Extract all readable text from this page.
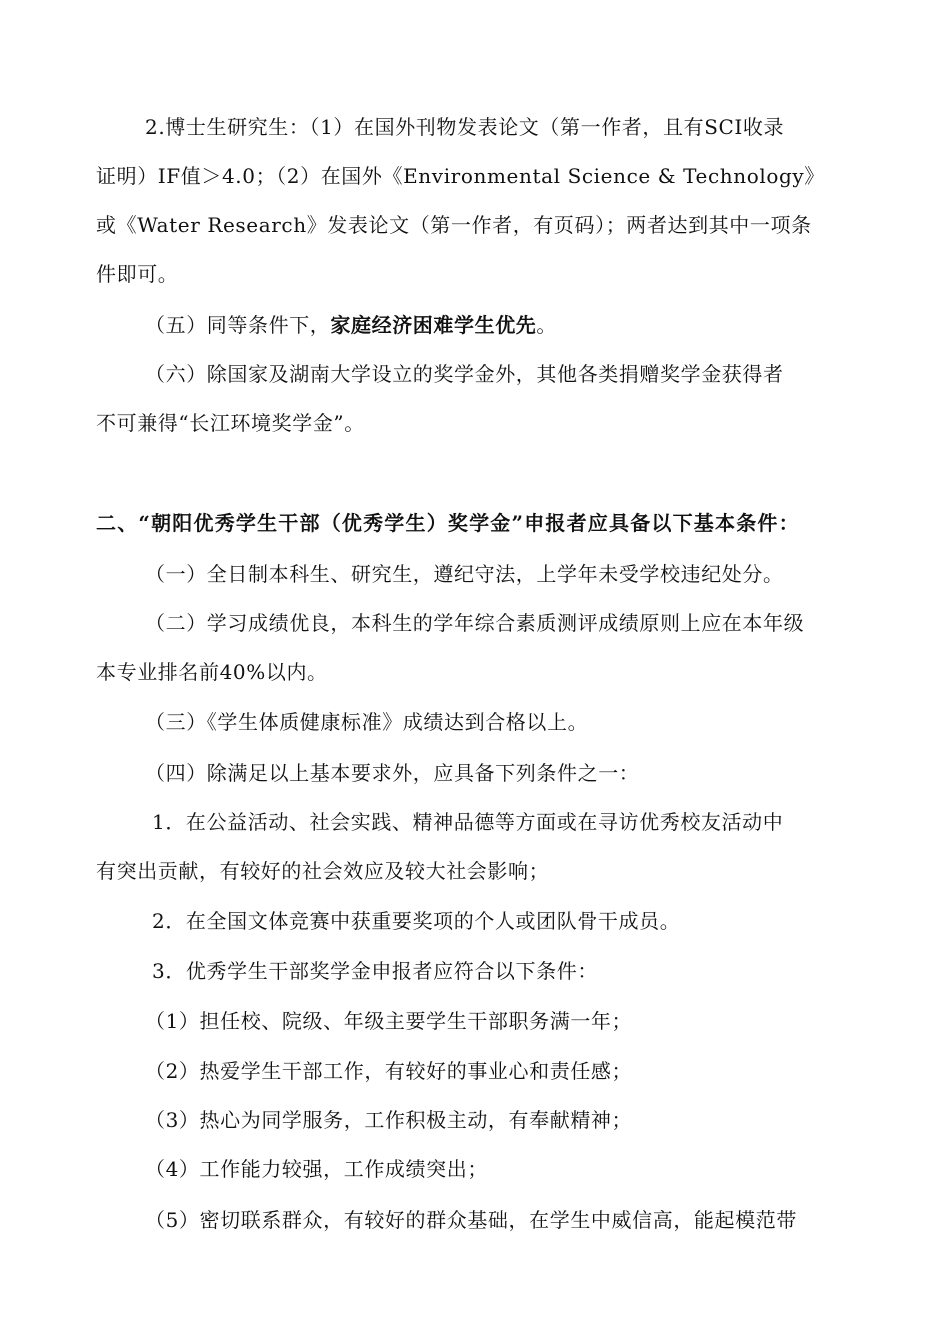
2.博士生研究生：（1）在国外刊物发表论文（第一作者，且有SCI收录
证明）IF值＞4.0；（2）在国外《Environmental Science & Technology》
或《Water Research》发表论文（第一作者，有页码）；两者达到其中一项条
件即可。
（五）同等条件下，家庭经济困难学生优先。
（六）除国家及湖南大学设立的奖学金外，其他各类捐赠奖学金获得者
不可兼得“长江环境奖学金”。
二、“朝阳优秀学生干部（优秀学生）奖学金”申报者应具备以下基本条件：
（一）全日制本科生、研究生，遵纪守法，上学年未受学校违纪处分。
（二）学习成绩优良，本科生的学年综合素质测评成绩原则上应在本年级
本专业排名前40%以内。
（三）《学生体质健康标准》成绩达到合格以上。
（四）除满足以上基本要求外，应具备下列条件之一：
1．在公益活动、社会实践、精神品德等方面或在寻访优秀校友活动中
有突出贡献，有较好的社会效应及较大社会影响；
2．在全国文体竞赛中获重要奖项的个人或团队骨干成员。
3．优秀学生干部奖学金申报者应符合以下条件：
（1）担任校、院级、年级主要学生干部职务满一年；
（2）热爱学生干部工作，有较好的事业心和责任感；
（3）热心为同学服务，工作积极主动，有奉献精神；
（4）工作能力较强，工作成绩突出；
（5）密切联系群众，有较好的群众基础，在学生中威信高，能起模范带
